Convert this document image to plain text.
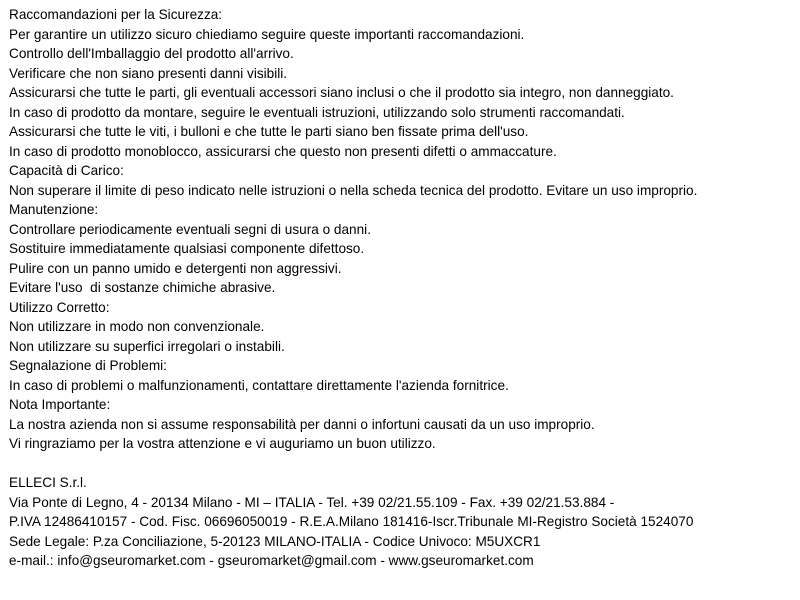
Raccomandazioni per la Sicurezza:
Per garantire un utilizzo sicuro chiediamo seguire queste importanti raccomandazioni.
Controllo dell'Imballaggio del prodotto all'arrivo.
Verificare che non siano presenti danni visibili.
Assicurarsi che tutte le parti, gli eventuali accessori siano inclusi o che il prodotto sia integro, non danneggiato.
In caso di prodotto da montare, seguire le eventuali istruzioni, utilizzando solo strumenti raccomandati.
Assicurarsi che tutte le viti, i bulloni e che tutte le parti siano ben fissate prima dell'uso.
In caso di prodotto monoblocco, assicurarsi che questo non presenti difetti o ammaccature.
Capacità di Carico:
Non superare il limite di peso indicato nelle istruzioni o nella scheda tecnica del prodotto. Evitare un uso improprio.
Manutenzione:
Controllare periodicamente eventuali segni di usura o danni.
Sostituire immediatamente qualsiasi componente difettoso.
Pulire con un panno umido e detergenti non aggressivi.
Evitare l'uso  di sostanze chimiche abrasive.
Utilizzo Corretto:
Non utilizzare in modo non convenzionale.
Non utilizzare su superfici irregolari o instabili.
Segnalazione di Problemi:
In caso di problemi o malfunzionamenti, contattare direttamente l'azienda fornitrice.
Nota Importante:
La nostra azienda non si assume responsabilità per danni o infortuni causati da un uso improprio.
Vi ringraziamo per la vostra attenzione e vi auguriamo un buon utilizzo.
ELLECI S.r.l.
Via Ponte di Legno, 4 - 20134 Milano - MI – ITALIA - Tel. +39 02/21.55.109 - Fax. +39 02/21.53.884 -
P.IVA 12486410157 - Cod. Fisc. 06696050019 - R.E.A.Milano 181416-Iscr.Tribunale MI-Registro Società 1524070
Sede Legale: P.za Conciliazione, 5-20123 MILANO-ITALIA - Codice Univoco: M5UXCR1
e-mail.: info@gseuromarket.com - gseuromarket@gmail.com - www.gseuromarket.com
